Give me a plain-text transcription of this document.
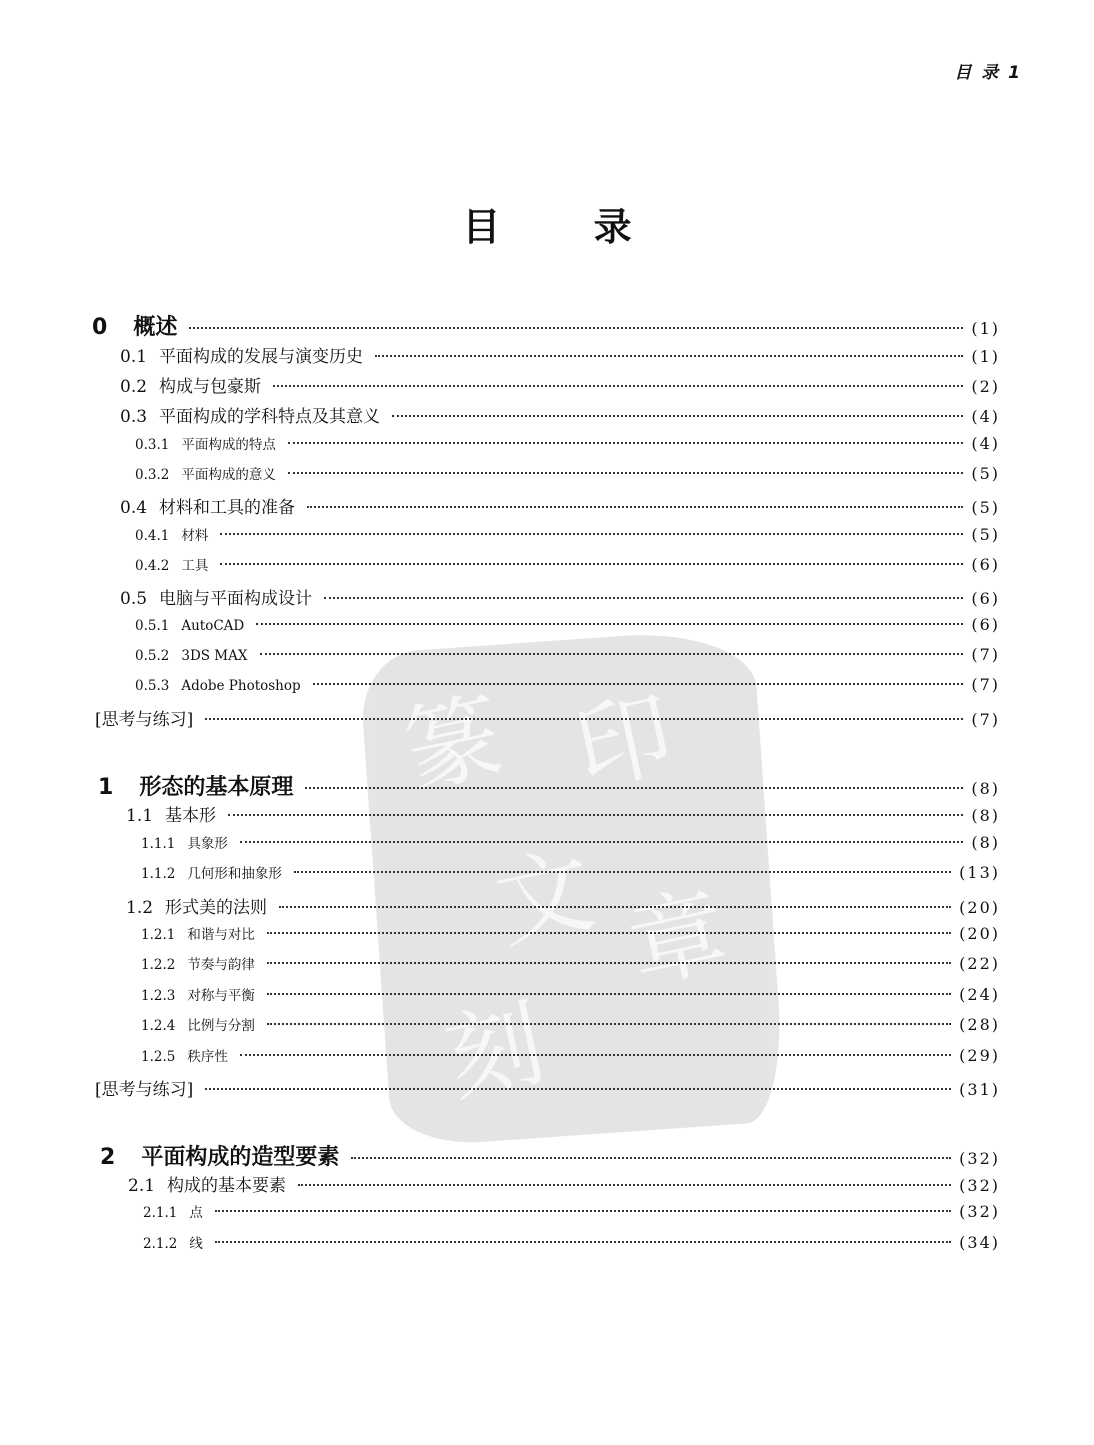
目 录 1
目 录
篆 印
文 章
刻
0 概述	(1)
0.1 平面构成的发展与演变历史	(1)
0.2 构成与包豪斯	(2)
0.3 平面构成的学科特点及其意义	(4)
0.3.1 平面构成的特点	(4)
0.3.2 平面构成的意义	(5)
0.4 材料和工具的准备	(5)
0.4.1 材料	(5)
0.4.2 工具	(6)
0.5 电脑与平面构成设计	(6)
0.5.1 AutoCAD	(6)
0.5.2 3DS MAX	(7)
0.5.3 Adobe Photoshop	(7)
[思考与练习]	(7)
1 形态的基本原理	(8)
1.1 基本形	(8)
1.1.1 具象形	(8)
1.1.2 几何形和抽象形	(13)
1.2 形式美的法则	(20)
1.2.1 和谐与对比	(20)
1.2.2 节奏与韵律	(22)
1.2.3 对称与平衡	(24)
1.2.4 比例与分割	(28)
1.2.5 秩序性	(29)
[思考与练习]	(31)
2 平面构成的造型要素	(32)
2.1 构成的基本要素	(32)
2.1.1 点	(32)
2.1.2 线	(34)
